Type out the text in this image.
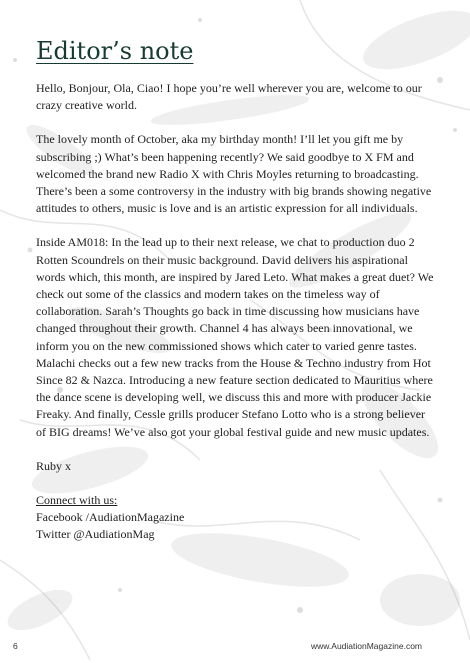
Editor’s note

Hello, Bonjour, Ola, Ciao! I hope you’re well wherever you are, welcome to our crazy creative world.

The lovely month of October, aka my birthday month! I’ll let you gift me by subscribing ;) What’s been happening recently? We said goodbye to X FM and welcomed the brand new Radio X with Chris Moyles returning to broadcasting. There’s been a some controversy in the industry with big brands showing negative attitudes to others, music is love and is an artistic expression for all individuals.

Inside AM018: In the lead up to their next release, we chat to production duo 2 Rotten Scoundrels on their music background. David delivers his aspirational words which, this month, are inspired by Jared Leto. What makes a great duet? We check out some of the classics and modern takes on the timeless way of collaboration. Sarah’s Thoughts go back in time discussing how musicians have changed throughout their growth. Channel 4 has always been innovational, we inform you on the new commissioned shows which cater to varied genre tastes. Malachi checks out a few new tracks from the House & Techno industry from Hot Since 82 & Nazca. Introducing a new feature section dedicated to Mauritius where the dance scene is developing well, we discuss this and more with producer Jackie Freaky. And finally, Cessle grills producer Stefano Lotto who is a strong believer of BIG dreams! We’ve also got your global festival guide and new music updates.

Ruby x

Connect with us:

Facebook /AudiationMagazine

Twitter @AudiationMag

6	www.AudiationMagazine.com
